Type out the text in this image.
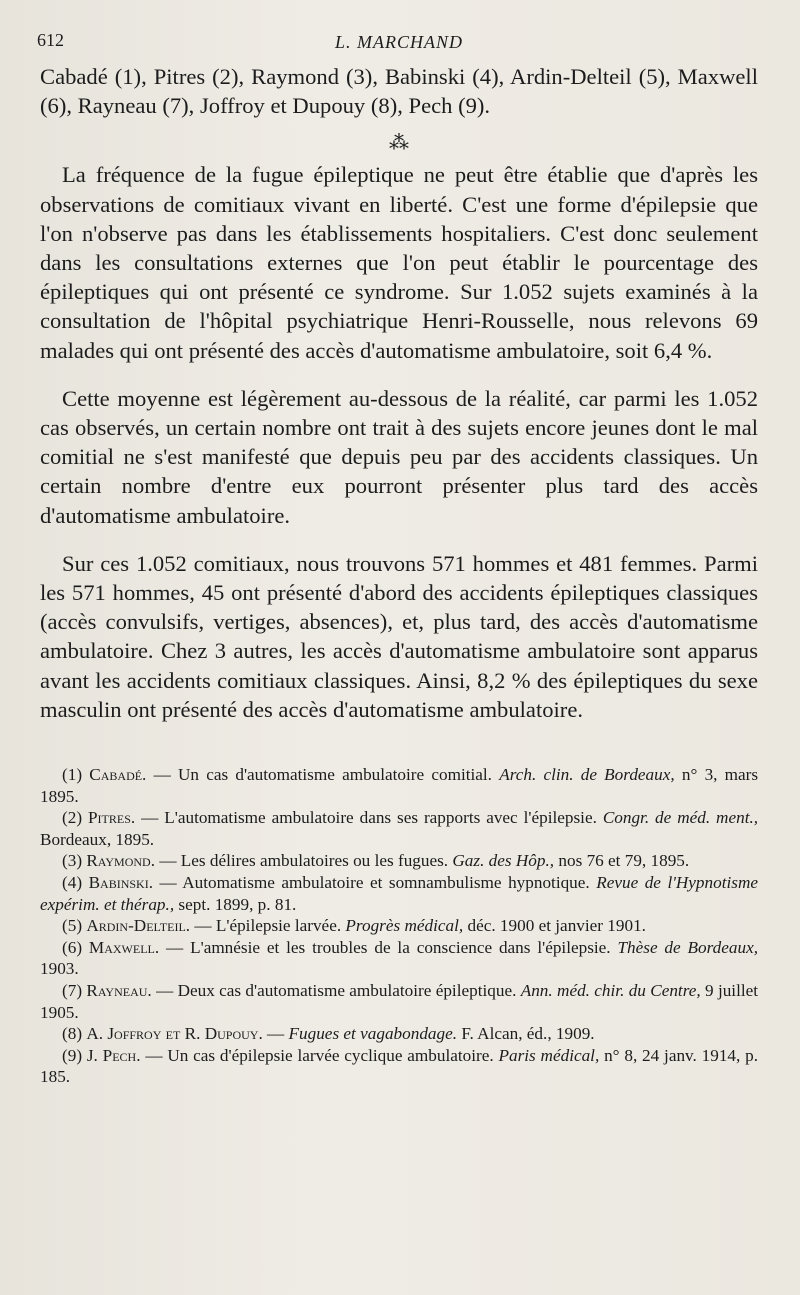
612	L. MARCHAND

Cabadé (1), Pitres (2), Raymond (3), Babinski (4), Ardin-Delteil (5), Maxwell (6), Rayneau (7), Joffroy et Dupouy (8), Pech (9).

⁂

La fréquence de la fugue épileptique ne peut être établie que d'après les observations de comitiaux vivant en liberté. C'est une forme d'épilepsie que l'on n'observe pas dans les établissements hospitaliers. C'est donc seulement dans les consultations externes que l'on peut établir le pourcentage des épileptiques qui ont présenté ce syndrome. Sur 1.052 sujets examinés à la consultation de l'hôpital psychiatrique Henri-Rousselle, nous relevons 69 malades qui ont présenté des accès d'automatisme ambulatoire, soit 6,4 %.

Cette moyenne est légèrement au-dessous de la réalité, car parmi les 1.052 cas observés, un certain nombre ont trait à des sujets encore jeunes dont le mal comitial ne s'est manifesté que depuis peu par des accidents classiques. Un certain nombre d'entre eux pourront présenter plus tard des accès d'automatisme ambulatoire.

Sur ces 1.052 comitiaux, nous trouvons 571 hommes et 481 femmes. Parmi les 571 hommes, 45 ont présenté d'abord des accidents épileptiques classiques (accès convulsifs, vertiges, absences), et, plus tard, des accès d'automatisme ambulatoire. Chez 3 autres, les accès d'automatisme ambulatoire sont apparus avant les accidents comitiaux classiques. Ainsi, 8,2 % des épileptiques du sexe masculin ont présenté des accès d'automatisme ambulatoire.

(1) Cabadé. — Un cas d'automatisme ambulatoire comitial. Arch. clin. de Bordeaux, n° 3, mars 1895.
(2) Pitres. — L'automatisme ambulatoire dans ses rapports avec l'épilepsie. Congr. de méd. ment., Bordeaux, 1895.
(3) Raymond. — Les délires ambulatoires ou les fugues. Gaz. des Hôp., nos 76 et 79, 1895.
(4) Babinski. — Automatisme ambulatoire et somnambulisme hypnotique. Revue de l'Hypnotisme expérim. et thérap., sept. 1899, p. 81.
(5) Ardin-Delteil. — L'épilepsie larvée. Progrès médical, déc. 1900 et janvier 1901.
(6) Maxwell. — L'amnésie et les troubles de la conscience dans l'épilepsie. Thèse de Bordeaux, 1903.
(7) Rayneau. — Deux cas d'automatisme ambulatoire épileptique. Ann. méd. chir. du Centre, 9 juillet 1905.
(8) A. Joffroy et R. Dupouy. — Fugues et vagabondage. F. Alcan, éd., 1909.
(9) J. Pech. — Un cas d'épilepsie larvée cyclique ambulatoire. Paris médical, n° 8, 24 janv. 1914, p. 185.
